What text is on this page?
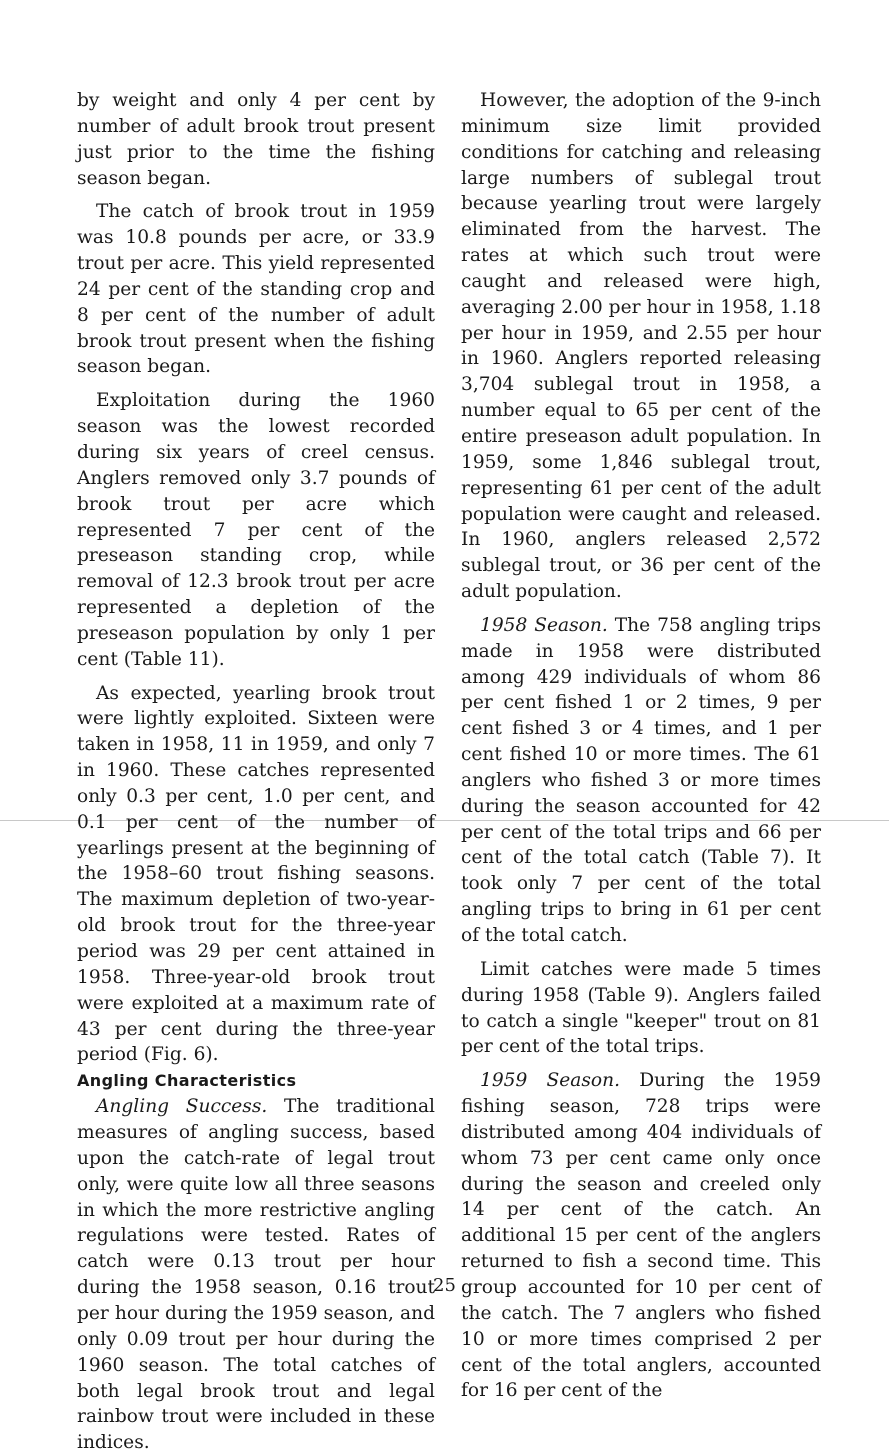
by weight and only 4 per cent by number of adult brook trout present just prior to the time the fishing season began.

The catch of brook trout in 1959 was 10.8 pounds per acre, or 33.9 trout per acre. This yield represented 24 per cent of the standing crop and 8 per cent of the number of adult brook trout present when the fishing season began.

Exploitation during the 1960 season was the lowest recorded during six years of creel census. Anglers removed only 3.7 pounds of brook trout per acre which represented 7 per cent of the preseason standing crop, while removal of 12.3 brook trout per acre represented a depletion of the preseason population by only 1 per cent (Table 11).

As expected, yearling brook trout were lightly exploited. Sixteen were taken in 1958, 11 in 1959, and only 7 in 1960. These catches represented only 0.3 per cent, 1.0 per cent, and 0.1 per cent of the number of yearlings present at the beginning of the 1958–60 trout fishing seasons. The maximum depletion of two-year-old brook trout for the three-year period was 29 per cent attained in 1958. Three-year-old brook trout were exploited at a maximum rate of 43 per cent during the three-year period (Fig. 6).

Angling Characteristics

Angling Success. The traditional measures of angling success, based upon the catch-rate of legal trout only, were quite low all three seasons in which the more restrictive angling regulations were tested. Rates of catch were 0.13 trout per hour during the 1958 season, 0.16 trout per hour during the 1959 season, and only 0.09 trout per hour during the 1960 season. The total catches of both legal brook trout and legal rainbow trout were included in these indices.

However, the adoption of the 9-inch minimum size limit provided conditions for catching and releasing large numbers of sublegal trout because yearling trout were largely eliminated from the harvest. The rates at which such trout were caught and released were high, averaging 2.00 per hour in 1958, 1.18 per hour in 1959, and 2.55 per hour in 1960. Anglers reported releasing 3,704 sublegal trout in 1958, a number equal to 65 per cent of the entire preseason adult population. In 1959, some 1,846 sublegal trout, representing 61 per cent of the adult population were caught and released. In 1960, anglers released 2,572 sublegal trout, or 36 per cent of the adult population.

1958 Season. The 758 angling trips made in 1958 were distributed among 429 individuals of whom 86 per cent fished 1 or 2 times, 9 per cent fished 3 or 4 times, and 1 per cent fished 10 or more times. The 61 anglers who fished 3 or more times during the season accounted for 42 per cent of the total trips and 66 per cent of the total catch (Table 7). It took only 7 per cent of the total angling trips to bring in 61 per cent of the total catch.

Limit catches were made 5 times during 1958 (Table 9). Anglers failed to catch a single "keeper" trout on 81 per cent of the total trips.

1959 Season. During the 1959 fishing season, 728 trips were distributed among 404 individuals of whom 73 per cent came only once during the season and creeled only 14 per cent of the catch. An additional 15 per cent of the anglers returned to fish a second time. This group accounted for 10 per cent of the catch. The 7 anglers who fished 10 or more times comprised 2 per cent of the total anglers, accounted for 16 per cent of the

25
